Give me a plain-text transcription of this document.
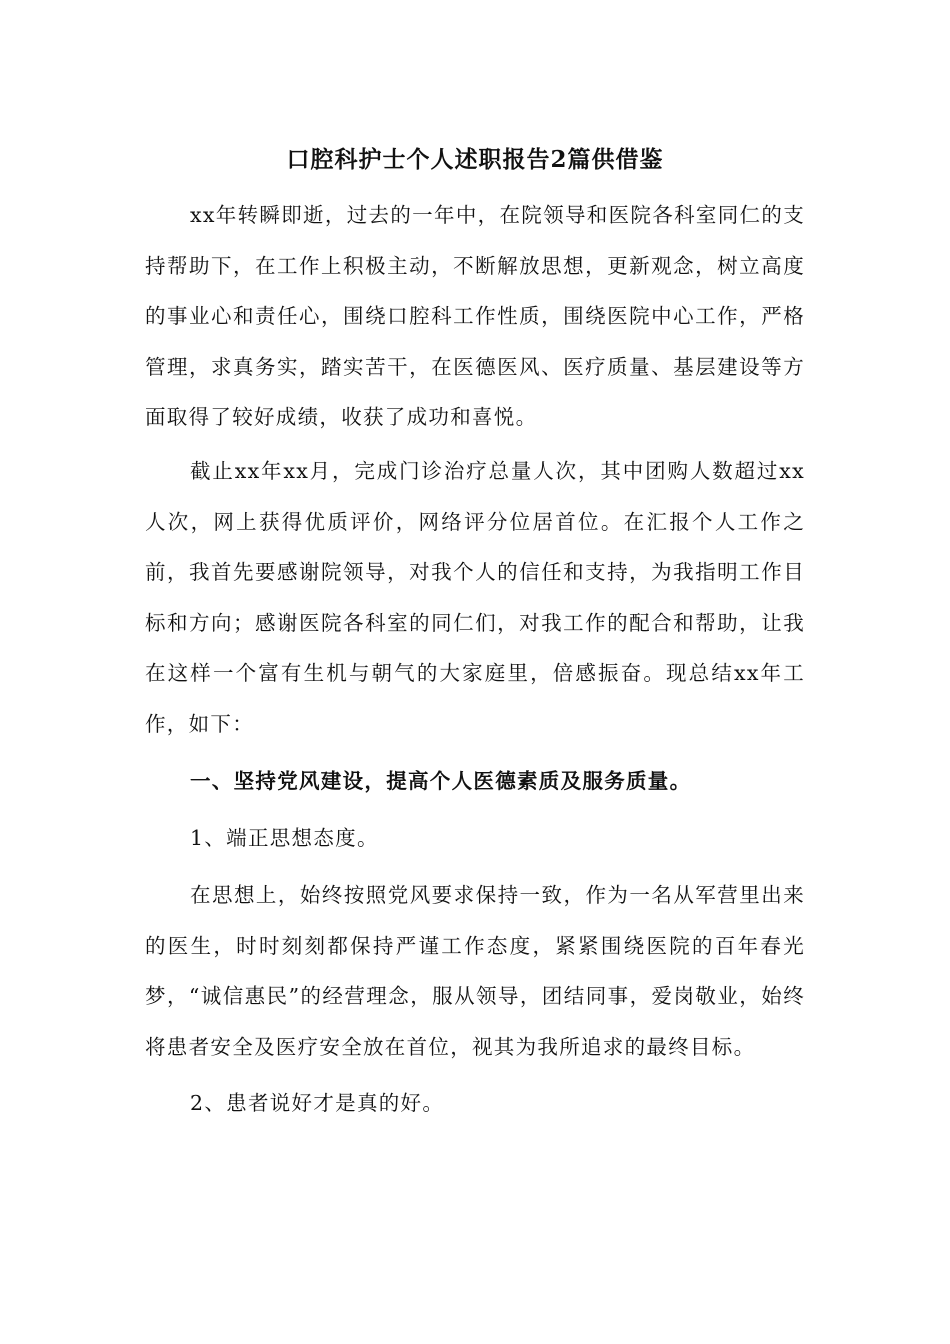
口腔科护士个人述职报告2篇供借鉴

xx年转瞬即逝，过去的一年中，在院领导和医院各科室同仁的支持帮助下，在工作上积极主动，不断解放思想，更新观念，树立高度的事业心和责任心，围绕口腔科工作性质，围绕医院中心工作，严格管理，求真务实，踏实苦干，在医德医风、医疗质量、基层建设等方面取得了较好成绩，收获了成功和喜悦。

截止xx年xx月，完成门诊治疗总量人次，其中团购人数超过xx人次，网上获得优质评价，网络评分位居首位。在汇报个人工作之前，我首先要感谢院领导，对我个人的信任和支持，为我指明工作目标和方向；感谢医院各科室的同仁们，对我工作的配合和帮助，让我在这样一个富有生机与朝气的大家庭里，倍感振奋。现总结xx年工作，如下：

一、坚持党风建设，提高个人医德素质及服务质量。

1、端正思想态度。

在思想上，始终按照党风要求保持一致，作为一名从军营里出来的医生，时时刻刻都保持严谨工作态度，紧紧围绕医院的百年春光梦，“诚信惠民”的经营理念，服从领导，团结同事，爱岗敬业，始终将患者安全及医疗安全放在首位，视其为我所追求的最终目标。

2、患者说好才是真的好。
